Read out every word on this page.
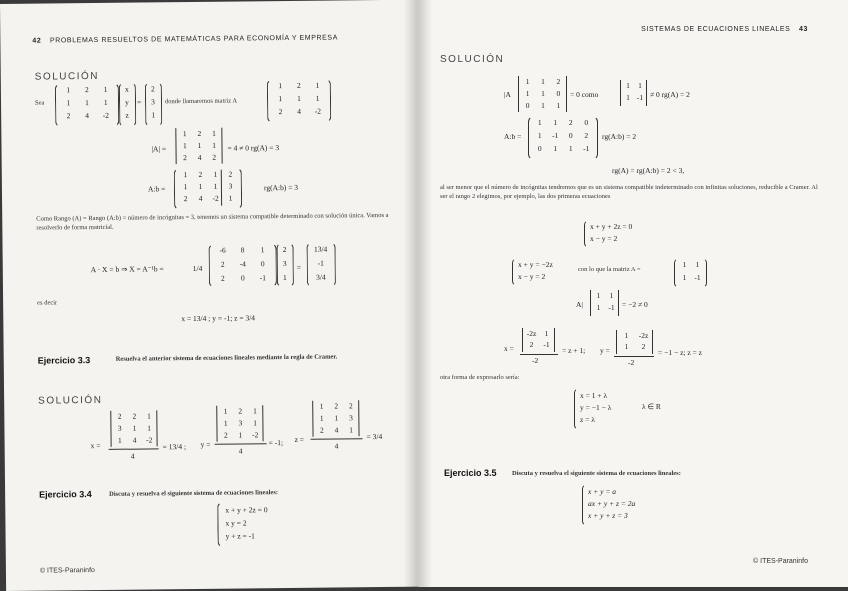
42 PROBLEMAS RESUELTOS DE MATEMÁTICAS PARA ECONOMÍA Y EMPRESA
SOLUCIÓN
Sea
1	2	1
1	1	1
2	4	-2
x
y
z
=
2
3
1
donde llamaremos matriz A
1	2	1
1	1	1
2	4	-2
|A| =
1	2	1
1	1	1
2	4	2
= 4 ≠ 0 rg(A) = 3
A:b =
1	2	1	2
1	1	1	3
2	4	-2	1
rg(A:b) = 3
Como Rango (A) = Rango (A:b) = número de incógnitas = 3, tenemos un sistema compatible determinado con solución única. Vamos a resolverlo de forma matricial.
A · X = b ⇒ X = A⁻¹b =	1/4
-6	8	1
2	-4	0
2	0	-1
2
3
1
=
13/4
-1
3/4
es decir
x = 13/4 ; y = -1; z = 3/4
Ejercicio 3.3	Resuelva el anterior sistema de ecuaciones lineales mediante la regla de Cramer.
SOLUCIÓN
x =
2	2	1
3	1	1
1	4	-2
4
= 13/4 ; y =
1	2	1
1	3	1
2	1	-2
4
= -1; z =
1	2	2
1	1	3
2	4	1
4
= 3/4
Ejercicio 3.4	Discuta y resuelva el siguiente sistema de ecuaciones lineales:
x + y + 2z = 0
x y = 2
y + z = -1
© ITES-Paraninfo
SISTEMAS DE ECUACIONES LINEALES 43
SOLUCIÓN
|A
1	1	2
1	1	0
0	1	1
= 0 como
1	1
1 -1 ≠ 0 rg(A) = 2
A:b =
1	1	2	0
1	-1	0	2
0	1	1	-1
rg(A:b) = 2
rg(A) = rg(A:b) = 2 < 3,
al ser menor que el número de incógnitas tendremos que es un sistema compatible indeterminado con infinitas soluciones, reducible a Cramer. Al ser el rango 2 elegimos, por ejemplo, las dos primeras ecuaciones
x + y + 2z = 0
x − y = 2
x + y = −2z
x − y = 2
con lo que la matriz A =
1	1
1	-1
A|
1	1
1	-1 = −2 ≠ 0
x =
-2z	1
2	-1
-2
= z + 1; y =
1	-2z
1	2
-2
= −1 − z; z = z
otra forma de expresarlo sería:
x = 1 + λ
y = −1 − λ
z = λ
λ ∈ R
Ejercicio 3.5 Discuta y resuelva el siguiente sistema de ecuaciones lineales:
x + y = a
ax + y + z = 2a
x + y + z = 3
© ITES-Paraninfo
